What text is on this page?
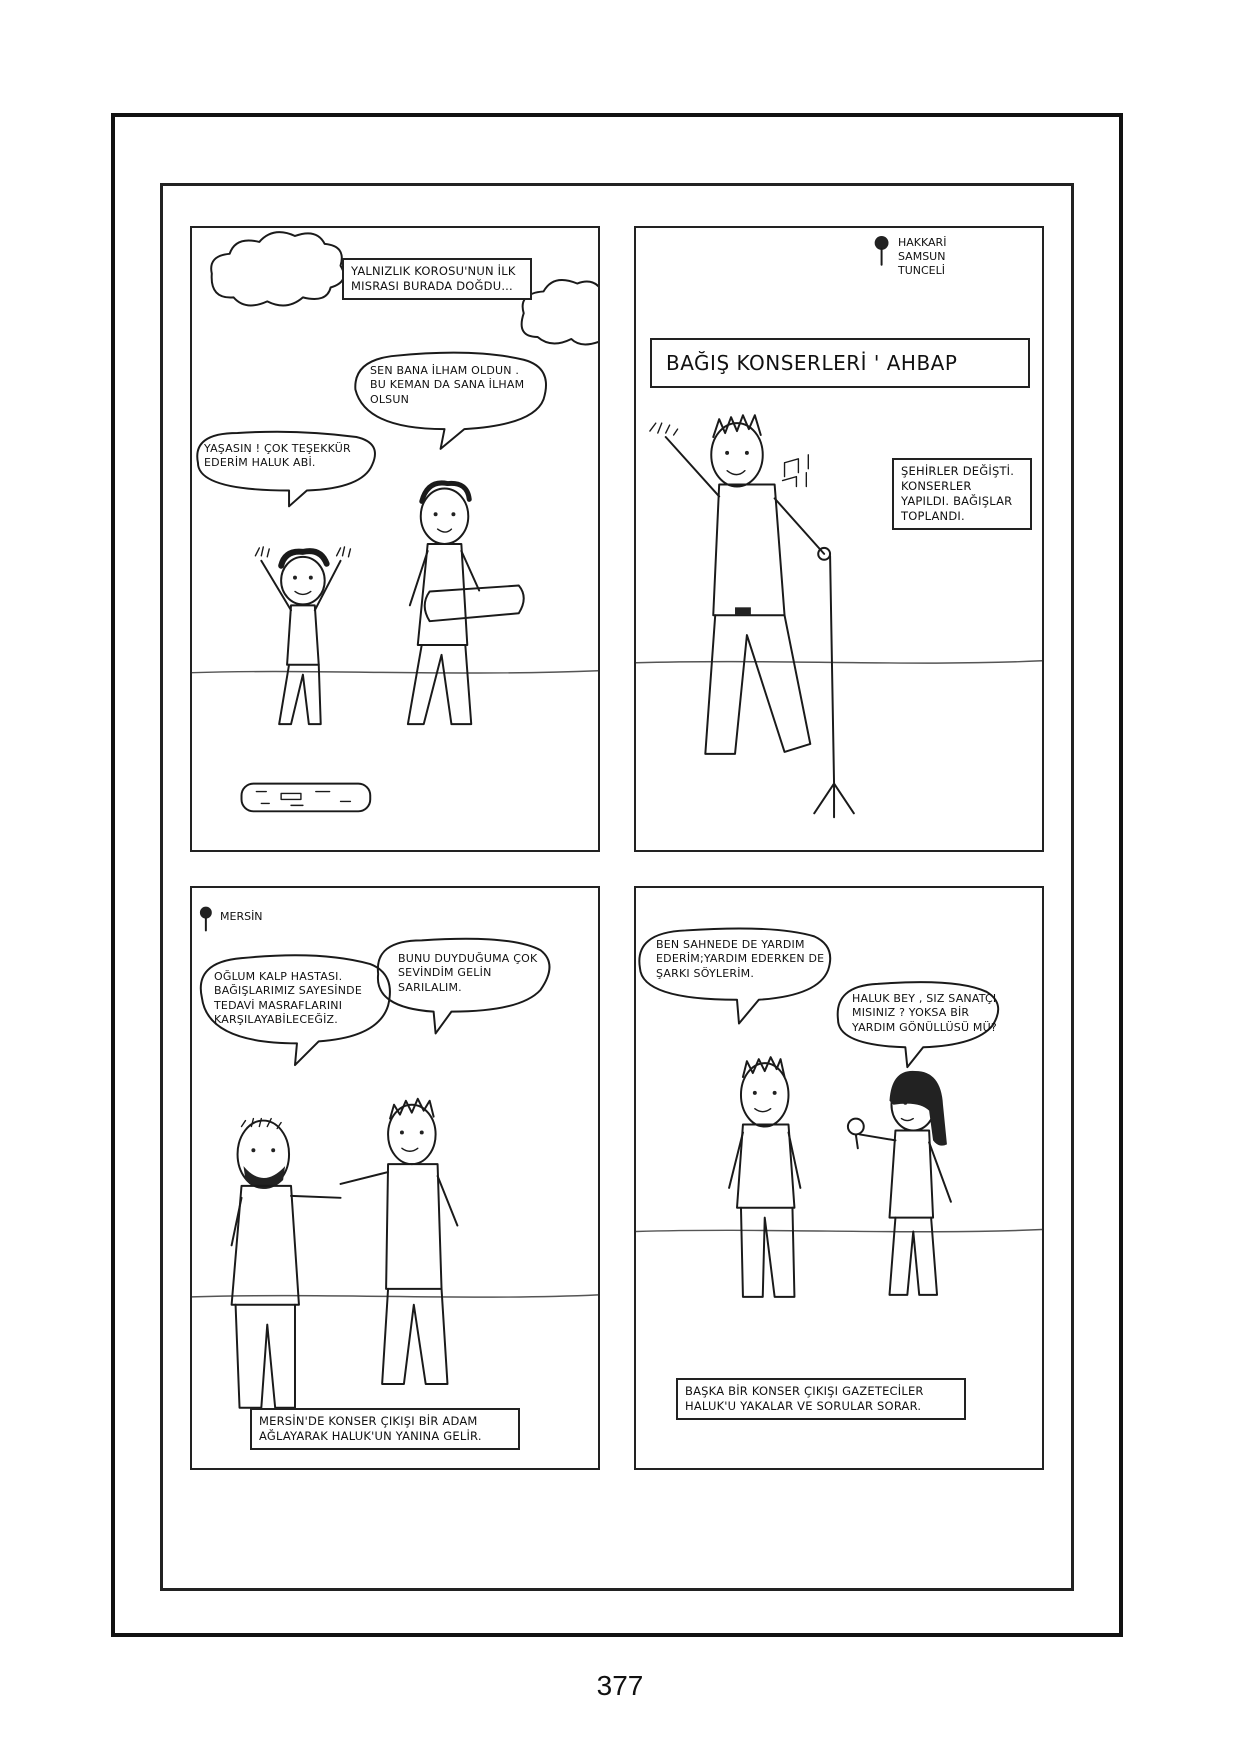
YALNIZLIK KOROSU'NUN İLK MISRASI BURADA DOĞDU...
SEN BANA İLHAM OLDUN . BU KEMAN DA SANA İLHAM OLSUN
YAŞASIN ! ÇOK TEŞEKKÜR EDERİM HALUK ABİ.
HAKKARİ
SAMSUN
TUNCELİ
BAĞIŞ KONSERLERİ ' AHBAP
ŞEHİRLER DEĞİŞTİ. KONSERLER YAPILDI. BAĞIŞLAR TOPLANDI.
MERSİN
OĞLUM KALP HASTASI. BAĞIŞLARIMIZ SAYESİNDE TEDAVİ MASRAFLARINI KARŞILAYABİLECEĞİZ.
BUNU DUYDUĞUMA ÇOK SEVİNDİM GELİN SARILALIM.
MERSİN'DE KONSER ÇIKIŞI BİR ADAM AĞLAYARAK HALUK'UN YANINA GELİR.
BEN SAHNEDE DE YARDIM EDERİM;YARDIM EDERKEN DE ŞARKI SÖYLERİM.
HALUK BEY , SIZ SANATÇI MISINIZ ? YOKSA BİR YARDIM GÖNÜLLÜSÜ MÜ?
BAŞKA BİR KONSER ÇIKIŞI GAZETECİLER HALUK'U YAKALAR VE SORULAR SORAR.
377
